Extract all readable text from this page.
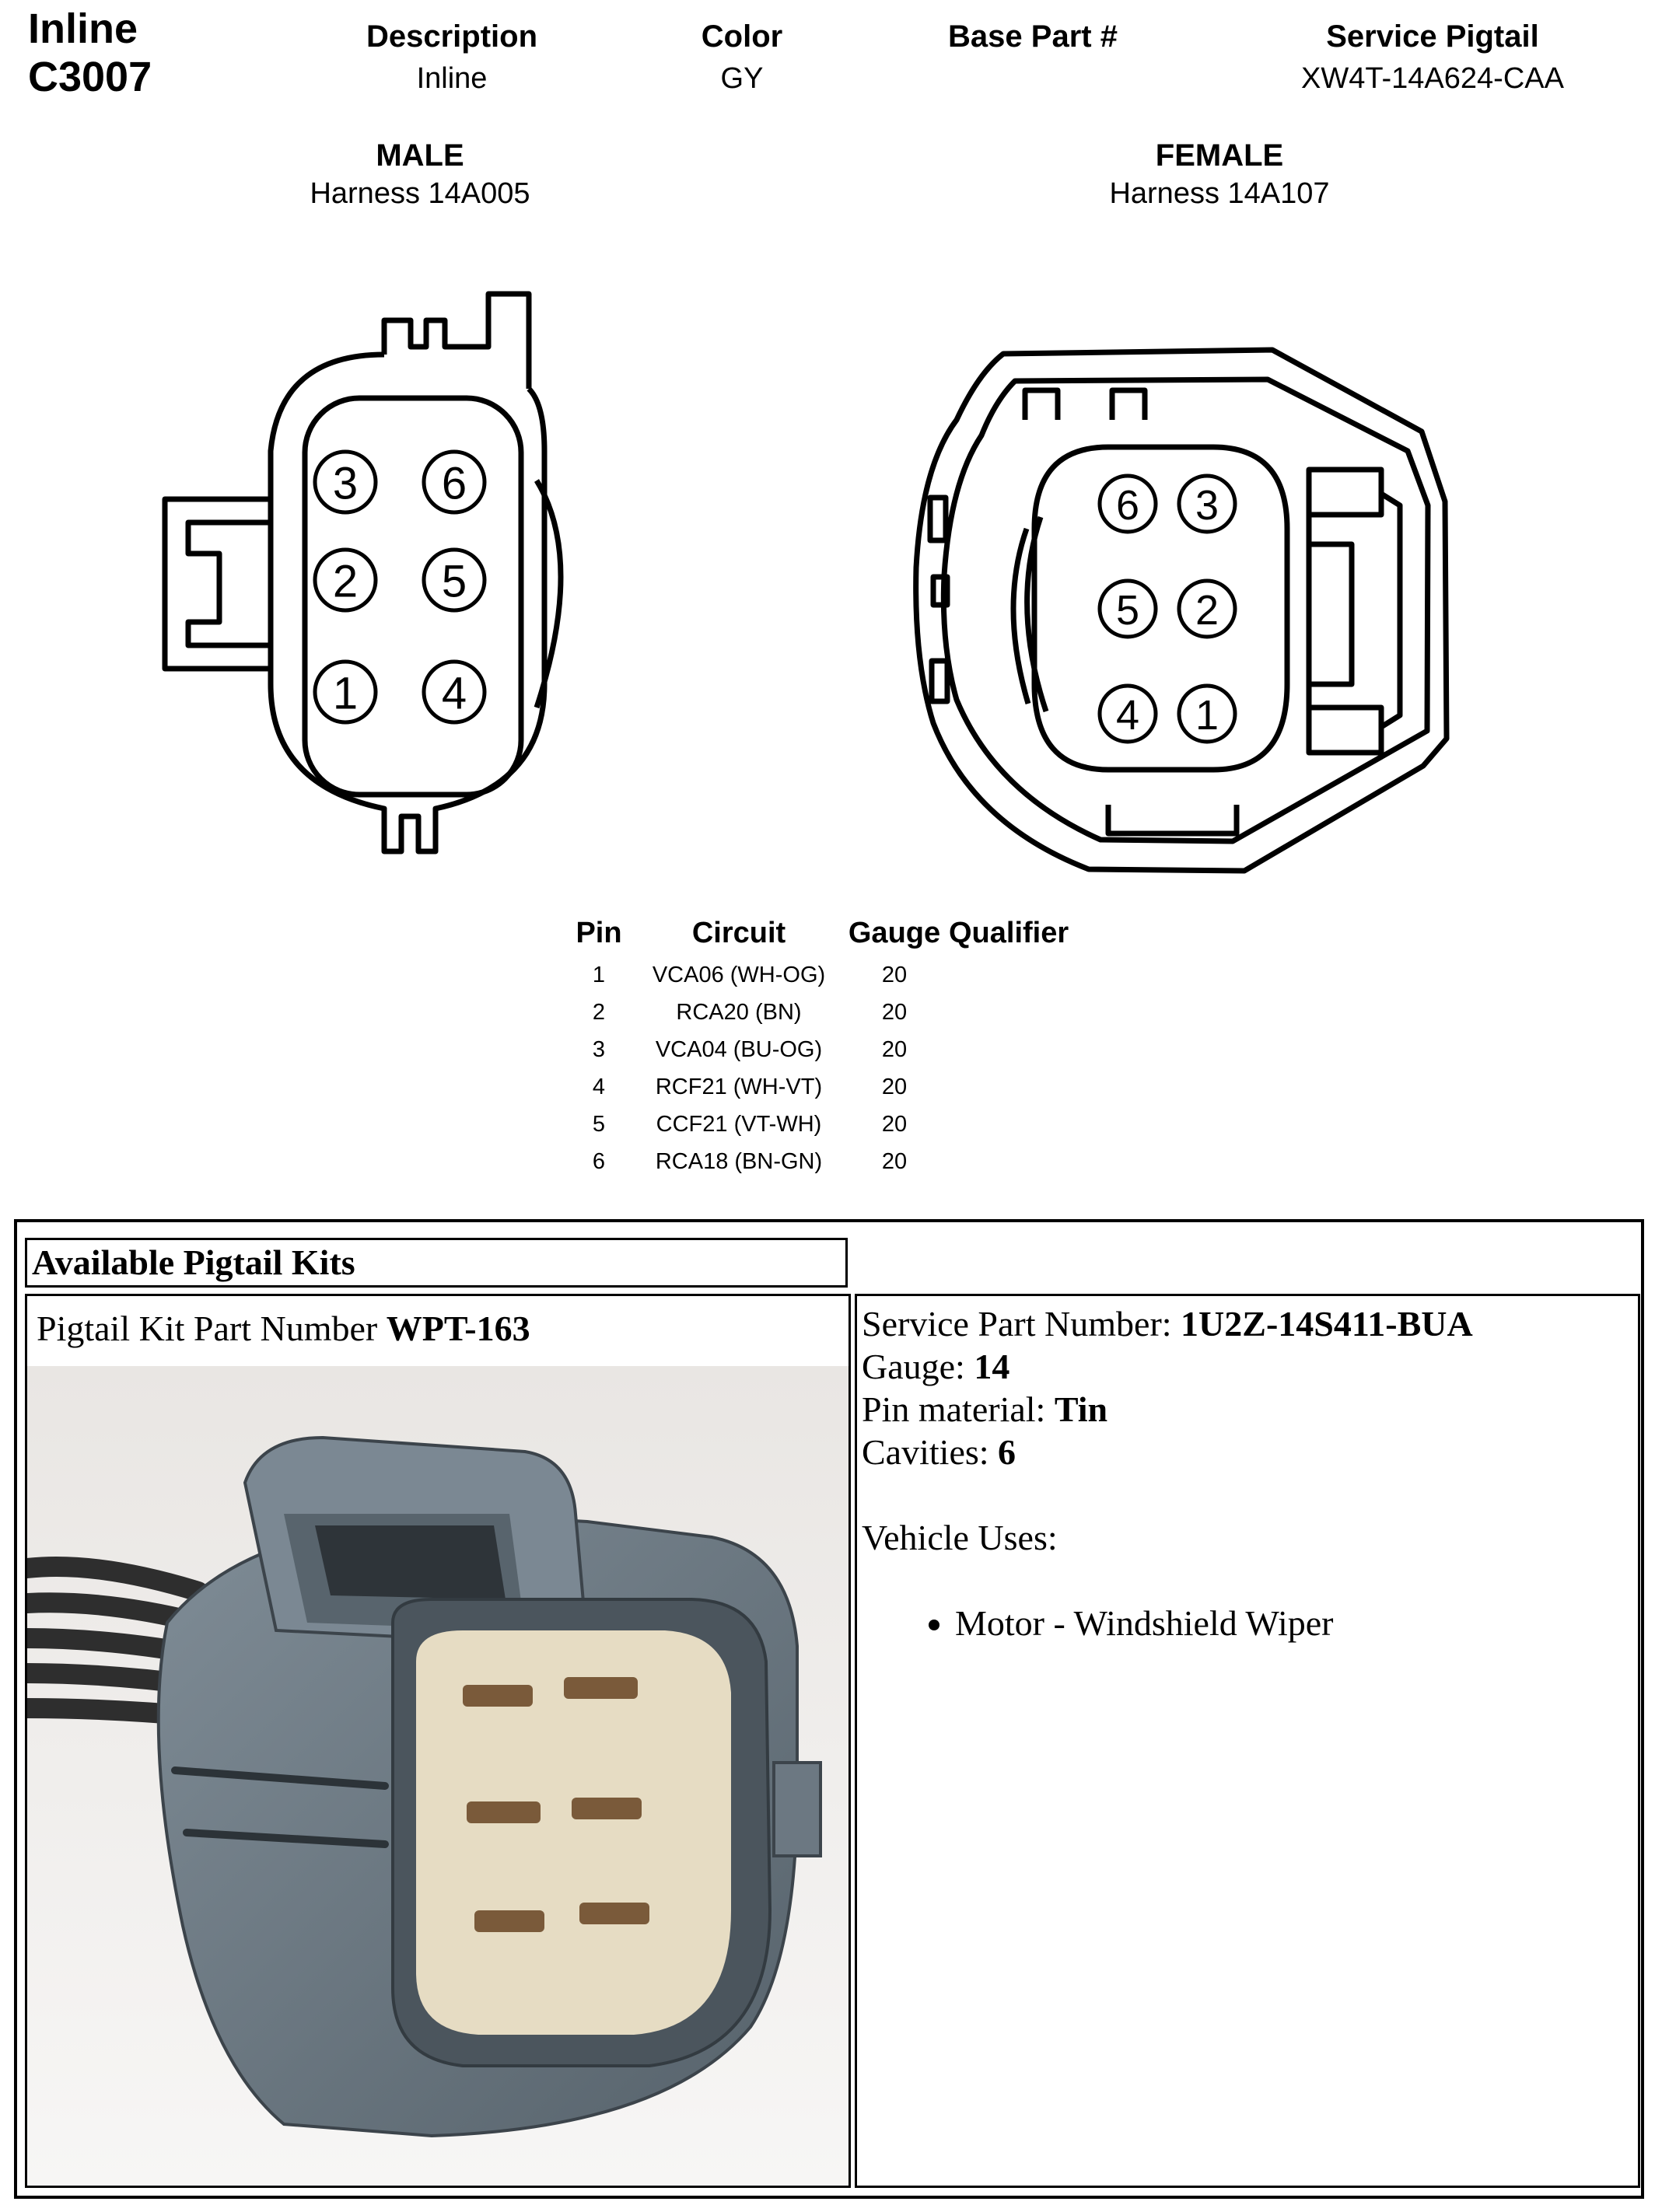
Inline
C3007
Description
Inline
Color
GY
Base Part #	Service Pigtail
XW4T-14A624-CAA
MALE
Harness 14A005
FEMALE
Harness 14A107
3 6
2 5
1 4
6 3
5 2
4 1
Pin	Circuit	Gauge	Qualifier
1	VCA06 (WH-OG)	20	
2	RCA20 (BN)	20	
3	VCA04 (BU-OG)	20	
4	RCF21 (WH-VT)	20	
5	CCF21 (VT-WH)	20	
6	RCA18 (BN-GN)	20	
Available Pigtail Kits
Pigtail Kit Part Number WPT-163	Service Part Number: 1U2Z-14S411-BUA
Gauge: 14
Pin material: Tin
Cavities: 6
Vehicle Uses:
• Motor - Windshield Wiper
